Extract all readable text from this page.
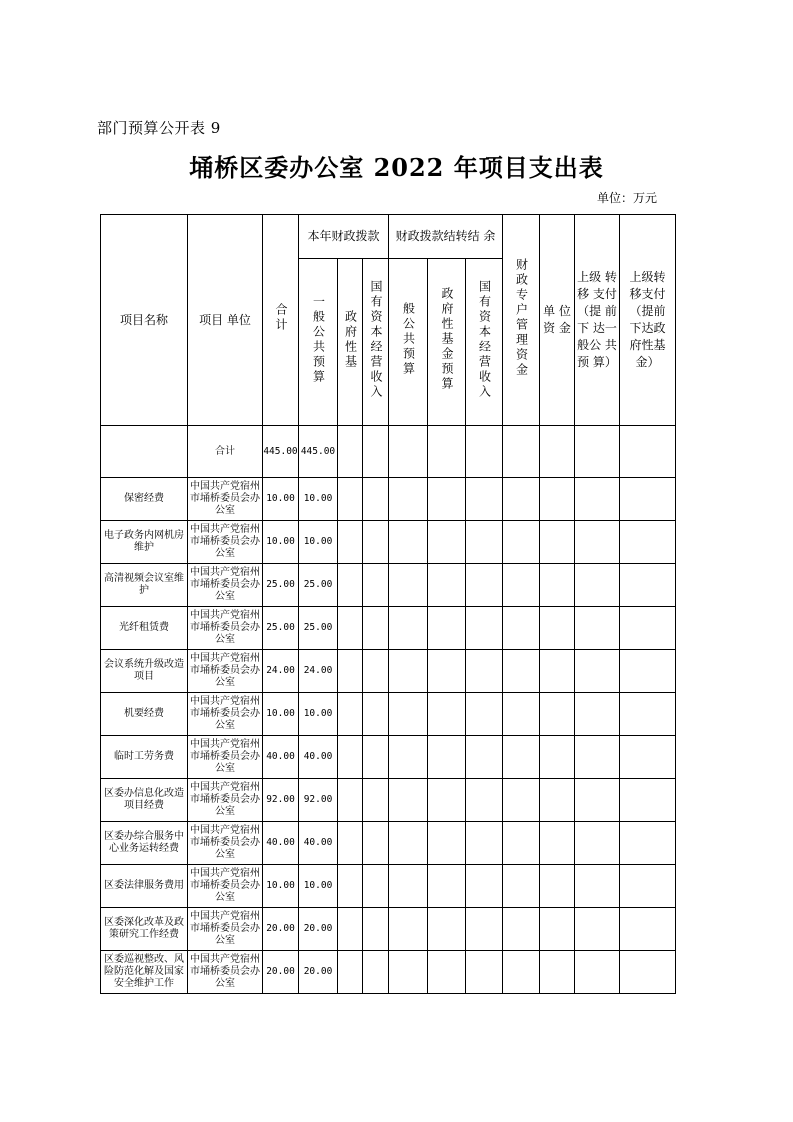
部门预算公开表 9
埇桥区委办公室 2022 年项目支出表
单位：万元
项目名称	项目 单位	合计	本年财政拨款			财政拨款结转结 余			财政专户管理资金	单 位 资 金	上级 转移 支付（提 前下 达一般公 共预 算）	上级转 移支付（提前 下达政 府性基 金）

			一般公共预算	政府性基	国有资本经营收入	般公共预算	政府性基金预算	国有资本经营收入				

	合计	445.00	445.00									

保密经费	中国共产党宿州市埇桥委员会办公室	10.00	10.00									

电子政务内网机房维护	中国共产党宿州市埇桥委员会办公室	10.00	10.00									

高清视频会议室维护	中国共产党宿州市埇桥委员会办公室	25.00	25.00									

光纤租赁费	中国共产党宿州市埇桥委员会办公室	25.00	25.00									

会议系统升级改造项目	中国共产党宿州市埇桥委员会办公室	24.00	24.00									

机要经费	中国共产党宿州市埇桥委员会办公室	10.00	10.00									

临时工劳务费	中国共产党宿州市埇桥委员会办公室	40.00	40.00									

区委办信息化改造项目经费	中国共产党宿州市埇桥委员会办公室	92.00	92.00									

区委办综合服务中心业务运转经费	中国共产党宿州市埇桥委员会办公室	40.00	40.00									

区委法律服务费用	中国共产党宿州市埇桥委员会办公室	10.00	10.00									

区委深化改革及政策研究工作经费	中国共产党宿州市埇桥委员会办公室	20.00	20.00									

区委巡视整改、风险防范化解及国家安全维护工作	中国共产党宿州市埇桥委员会办公室	20.00	20.00									
